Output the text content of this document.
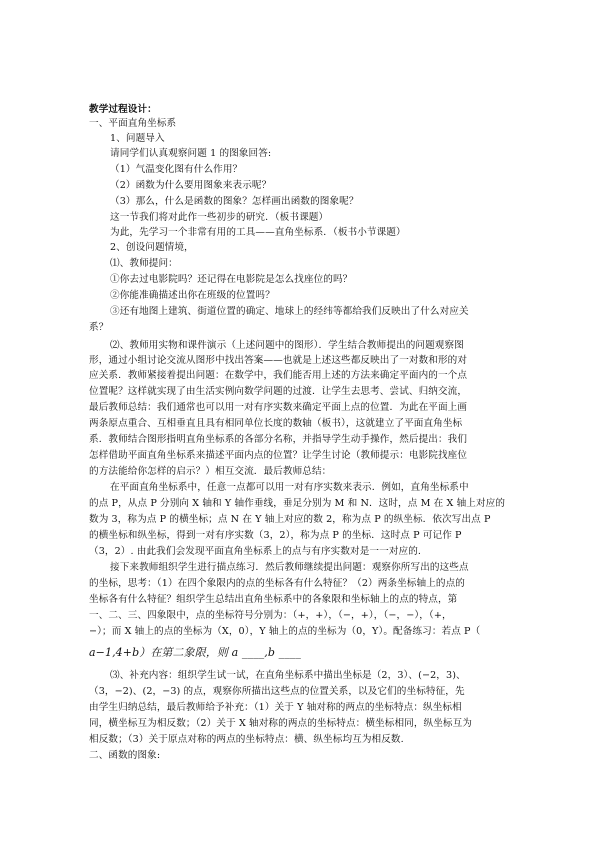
教学过程设计：
一、平面直角坐标系
1、问题导入
请同学们认真观察问题 1 的图象回答:
（1）气温变化图有什么作用？
（2）函数为什么要用图象来表示呢？
（3）那么，什么是函数的图象？怎样画出函数的图象呢？
这一节我们将对此作一些初步的研究．（板书课题）
为此，先学习一个非常有用的工具——直角坐标系．（板书小节课题）
2、创设问题情境，
⑴、教师提问：
①你去过电影院吗？还记得在电影院是怎么找座位的吗？
②你能准确描述出你在班级的位置吗？
③还有地图上建筑、街道位置的确定、地球上的经纬等都给我们反映出了什么对应关
系？
⑵、教师用实物和课件演示（上述问题中的图形）．学生结合教师提出的问题观察图
形，通过小组讨论交流从图形中找出答案——也就是上述这些都反映出了一对数和形的对
应关系．教师紧接着提出问题：在数学中，我们能否用上述的方法来确定平面内的一个点
位置呢？这样就实现了由生活实例向数学问题的过渡．让学生去思考、尝试、归纳交流，
最后教师总结：我们通常也可以用一对有序实数来确定平面上点的位置．为此在平面上画
两条原点重合、互相垂直且具有相同单位长度的数轴（板书），这就建立了平面直角坐标
系．教师结合图形指明直角坐标系的各部分名称，并指导学生动手操作，然后提出：我们
怎样借助平面直角坐标系来描述平面内点的位置？让学生讨论（教师提示：电影院找座位
的方法能给你怎样的启示？）相互交流．最后教师总结：
在平面直角坐标系中，任意一点都可以用一对有序实数来表示．例如，直角坐标系中
的点 P，从点 P 分别向 X 轴和 Y 轴作垂线，垂足分别为 M 和 N．这时，点 M 在 X 轴上对应的
数为 3，称为点 P 的横坐标；点 N 在 Y 轴上对应的数 2，称为点 P 的纵坐标．依次写出点 P
的横坐标和纵坐标，得到一对有序实数（3，2），称为点 P 的坐标．这时点 P 可记作 P
（3，2）. 由此我们会发现平面直角坐标系上的点与有序实数对是一一对应的.
接下来教师组织学生进行描点练习．然后教师继续提出问题：观察你所写出的这些点
的坐标，思考：（1）在四个象限内的点的坐标各有什么特征？（2）两条坐标轴上的点的
坐标各有什么特征？组织学生总结出直角坐标系中的各象限和坐标轴上的点的特点，第
一、二、三、四象限中，点的坐标符号分别为：（+，+），（−，+），（−，−），（+，
−）；而 X 轴上的点的坐标为（X，0），Y 轴上的点的坐标为（0，Y）。配备练习：若点 P（
a−1,4+b）在第二象限，则 a ____,b ____
⑶、补充内容：组织学生试一试，在直角坐标系中描出坐标是（2，3）、(−2，3)、
（3，−2)、(2，−3) 的点，观察你所描出这些点的位置关系，以及它们的坐标特征，先
由学生归纳总结，最后教师给予补充：（1）关于 Y 轴对称的两点的坐标特点：纵坐标相
同，横坐标互为相反数；（2）关于 X 轴对称的两点的坐标特点：横坐标相同，纵坐标互为
相反数；（3）关于原点对称的两点的坐标特点：横、纵坐标均互为相反数.
二、函数的图象:
